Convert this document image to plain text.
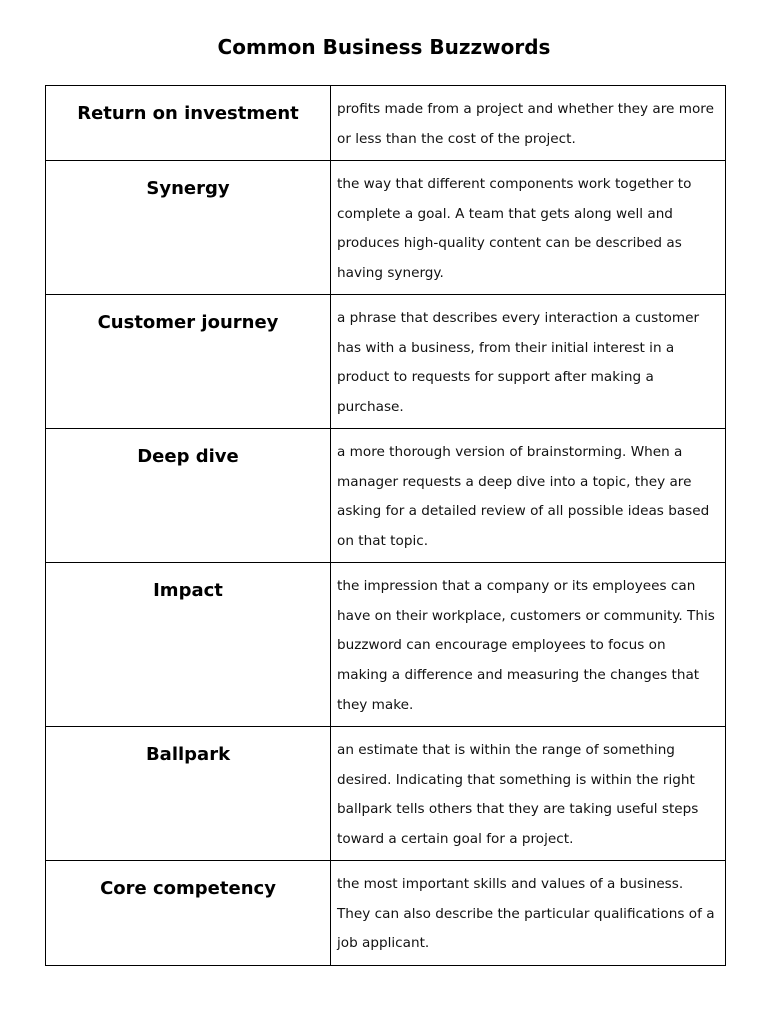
Common Business Buzzwords
Return on investment	profits made from a project and whether they are more or less than the cost of the project.

Synergy	the way that different components work together to complete a goal. A team that gets along well and produces high-quality content can be described as having synergy.

Customer journey	a phrase that describes every interaction a customer has with a business, from their initial interest in a product to requests for support after making a purchase.

Deep dive	a more thorough version of brainstorming. When a manager requests a deep dive into a topic, they are asking for a detailed review of all possible ideas based on that topic.

Impact	the impression that a company or its employees can have on their workplace, customers or community. This buzzword can encourage employees to focus on making a difference and measuring the changes that they make.

Ballpark	an estimate that is within the range of something desired. Indicating that something is within the right ballpark tells others that they are taking useful steps toward a certain goal for a project.

Core competency	the most important skills and values of a business. They can also describe the particular qualifications of a job applicant.
